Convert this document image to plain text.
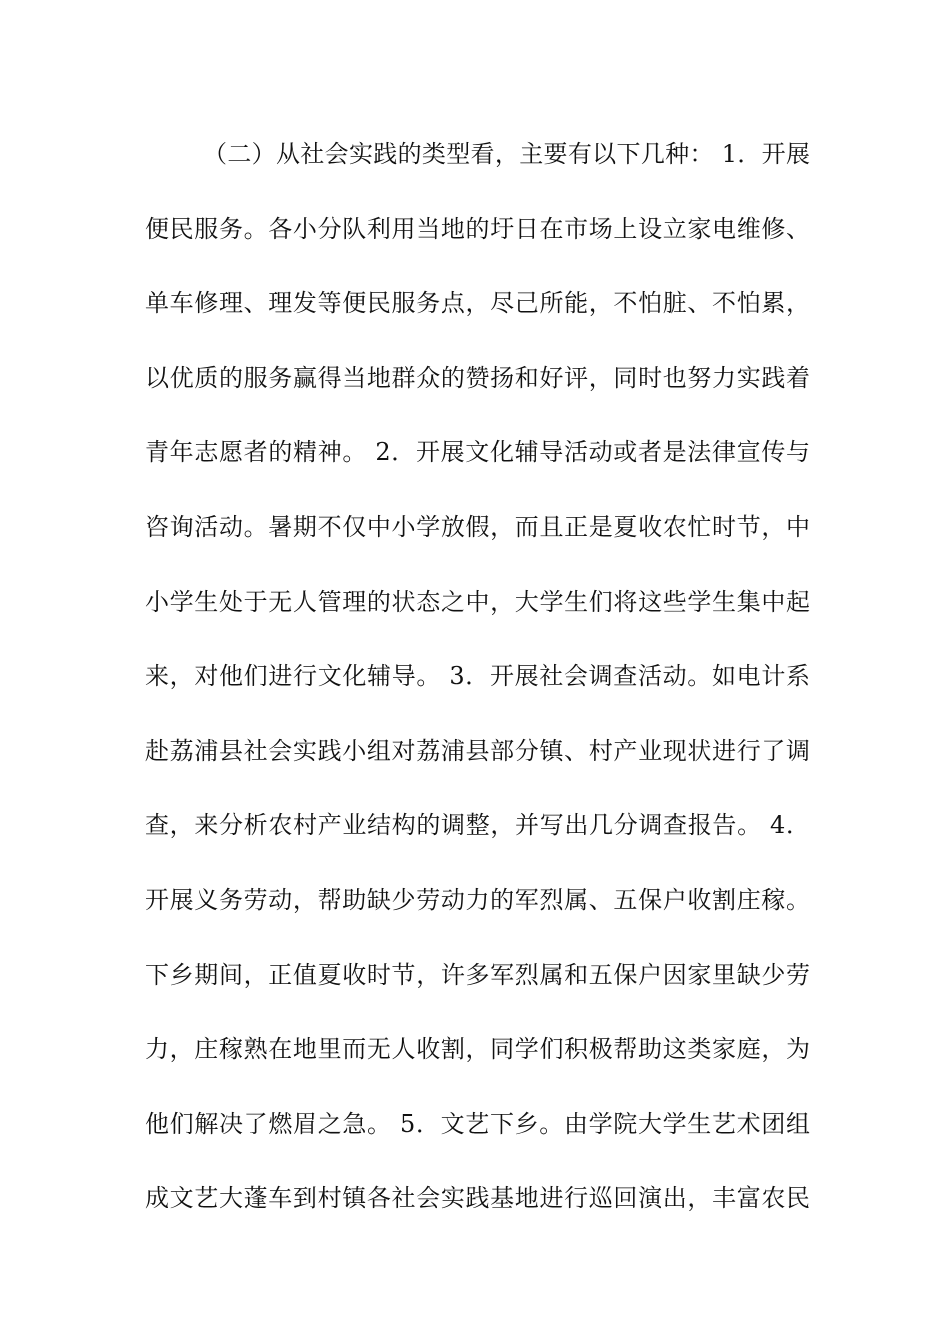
（二）从社会实践的类型看，主要有以下几种： 1．开展
便民服务。各小分队利用当地的圩日在市场上设立家电维修、
单车修理、理发等便民服务点，尽己所能，不怕脏、不怕累，
以优质的服务赢得当地群众的赞扬和好评，同时也努力实践着
青年志愿者的精神。 2．开展文化辅导活动或者是法律宣传与
咨询活动。暑期不仅中小学放假，而且正是夏收农忙时节，中
小学生处于无人管理的状态之中，大学生们将这些学生集中起
来，对他们进行文化辅导。 3．开展社会调查活动。如电计系
赴荔浦县社会实践小组对荔浦县部分镇、村产业现状进行了调
查，来分析农村产业结构的调整，并写出几分调查报告。 4．
开展义务劳动，帮助缺少劳动力的军烈属、五保户收割庄稼。
下乡期间，正值夏收时节，许多军烈属和五保户因家里缺少劳
力，庄稼熟在地里而无人收割，同学们积极帮助这类家庭，为
他们解决了燃眉之急。 5．文艺下乡。由学院大学生艺术团组
成文艺大蓬车到村镇各社会实践基地进行巡回演出，丰富农民
